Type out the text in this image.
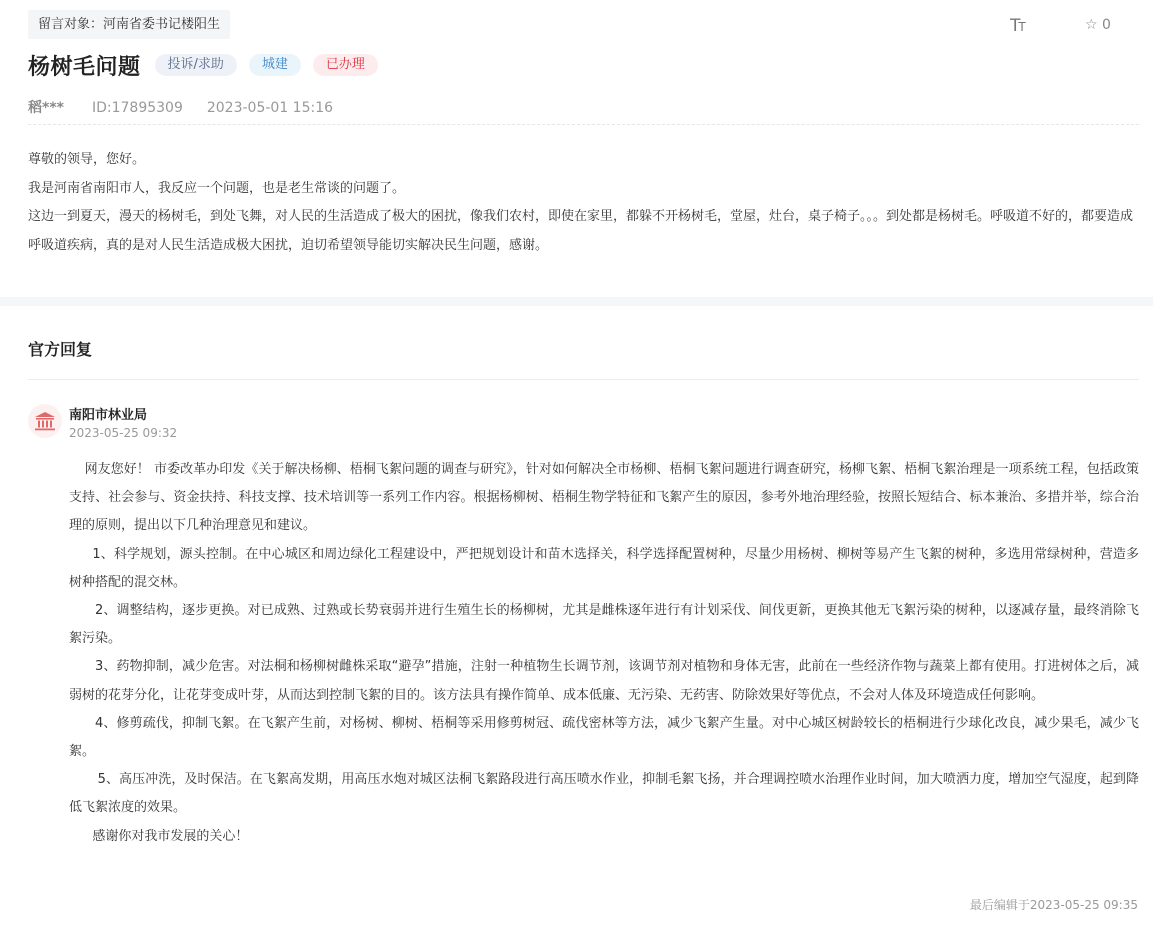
留言对象：河南省委书记楼阳生	TT	☆ 0
杨树毛问题	投诉/求助	城建	已办理
稻*** ID:17895309 2023-05-01 15:16

尊敬的领导，您好。

我是河南省南阳市人，我反应一个问题，也是老生常谈的问题了。

这边一到夏天，漫天的杨树毛，到处飞舞，对人民的生活造成了极大的困扰，像我们农村，即使在家里，都躲不开杨树毛，堂屋，灶台，桌子椅子。。。到处都是杨树毛。呼吸道不好的，都要造成呼吸道疾病，真的是对人民生活造成极大困扰，迫切希望领导能切实解决民生问题，感谢。

官方回复
南阳市林业局
2023-05-25 09:32

网友您好！ 市委改革办印发《关于解决杨柳、梧桐飞絮问题的调查与研究》，针对如何解决全市杨柳、梧桐飞絮问题进行调查研究，杨柳飞絮、梧桐飞絮治理是一项系统工程，包括政策支持、社会参与、资金扶持、科技支撑、技术培训等一系列工作内容。根据杨柳树、梧桐生物学特征和飞絮产生的原因，参考外地治理经验，按照长短结合、标本兼治、多措并举，综合治理的原则，提出以下几种治理意见和建议。

1、科学规划，源头控制。在中心城区和周边绿化工程建设中，严把规划设计和苗木选择关，科学选择配置树种，尽量少用杨树、柳树等易产生飞絮的树种，多选用常绿树种，营造多树种搭配的混交林。

2、调整结构，逐步更换。对已成熟、过熟或长势衰弱并进行生殖生长的杨柳树，尤其是雌株逐年进行有计划采伐、间伐更新，更换其他无飞絮污染的树种，以逐减存量，最终消除飞絮污染。

3、药物抑制，减少危害。对法桐和杨柳树雌株采取“避孕”措施，注射一种植物生长调节剂，该调节剂对植物和身体无害，此前在一些经济作物与蔬菜上都有使用。打进树体之后，减弱树的花芽分化，让花芽变成叶芽，从而达到控制飞絮的目的。该方法具有操作简单、成本低廉、无污染、无药害、防除效果好等优点，不会对人体及环境造成任何影响。

4、修剪疏伐，抑制飞絮。在飞絮产生前，对杨树、柳树、梧桐等采用修剪树冠、疏伐密林等方法，减少飞絮产生量。对中心城区树龄较长的梧桐进行少球化改良，减少果毛，减少飞絮。

5、高压冲洗，及时保洁。在飞絮高发期，用高压水炮对城区法桐飞絮路段进行高压喷水作业，抑制毛絮飞扬，并合理调控喷水治理作业时间，加大喷洒力度，增加空气湿度，起到降低飞絮浓度的效果。

感谢你对我市发展的关心！

最后编辑于2023-05-25 09:35
